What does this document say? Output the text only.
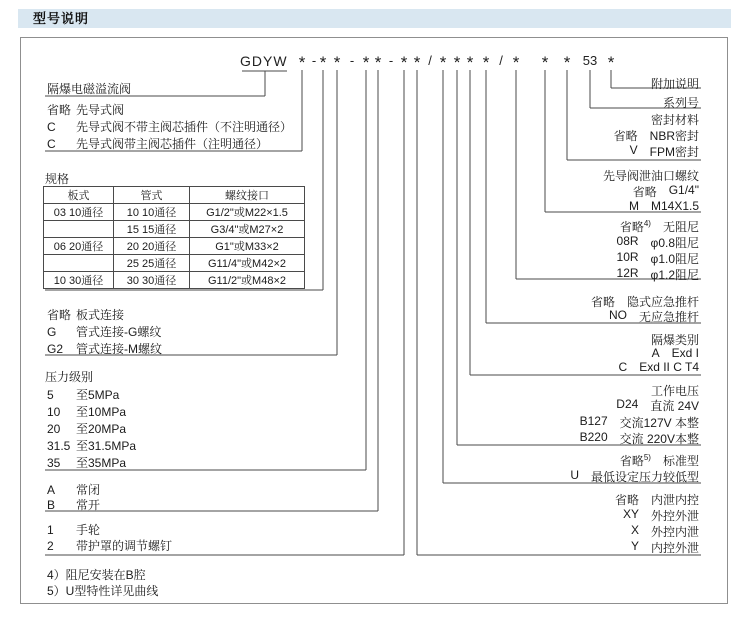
型号说明
GDYW * - * * - * * - * * / * * * * / *	* * 53 *
隔爆电磁溢流阀
省略 先导式阀
C 先导式阀不带主阀芯插件（不注明通径）
C 先导式阀带主阀芯插件（注明通径）
规格
板式	管式	螺纹接口
03 10通径	10 10通径	G1/2"或M22×1.5
	15 15通径	G3/4"或M27×2
06 20通径	20 20通径	G1"或M33×2
	25 25通径	G11/4"或M42×2
10 30通径	30 30通径	G11/2"或M48×2
省略 板式连接
G 管式连接-G螺纹
G2 管式连接-M螺纹
压力级别
5 至5MPa
10 至10MPa
20 至20MPa
31.5 至31.5MPa
35 至35MPa
A 常闭
B 常开
1 手轮
2 带护罩的调节螺钉
4）阻尼安装在B腔
5）U型特性详见曲线
附加说明
系列号
密封材料
省略 NBR密封
V FPM密封
先导阀泄油口螺纹
省略 G1/4"
M M14X1.5
省略$^{4)}$ 无阻尼
08R φ0.8阻尼
10R φ1.0阻尼
12R φ1.2阻尼
省略 隐式应急推杆
NO 无应急推杆
隔爆类别
A Exd I
C Exd II C T4
工作电压
D24 直流 24V
B127 交流127V 本整
B220 交流 220V本整
省略$^{5)}$ 标准型
U 最低设定压力较低型
省略 内泄内控
XY 外控外泄
X 外控内泄
Y 内控外泄
